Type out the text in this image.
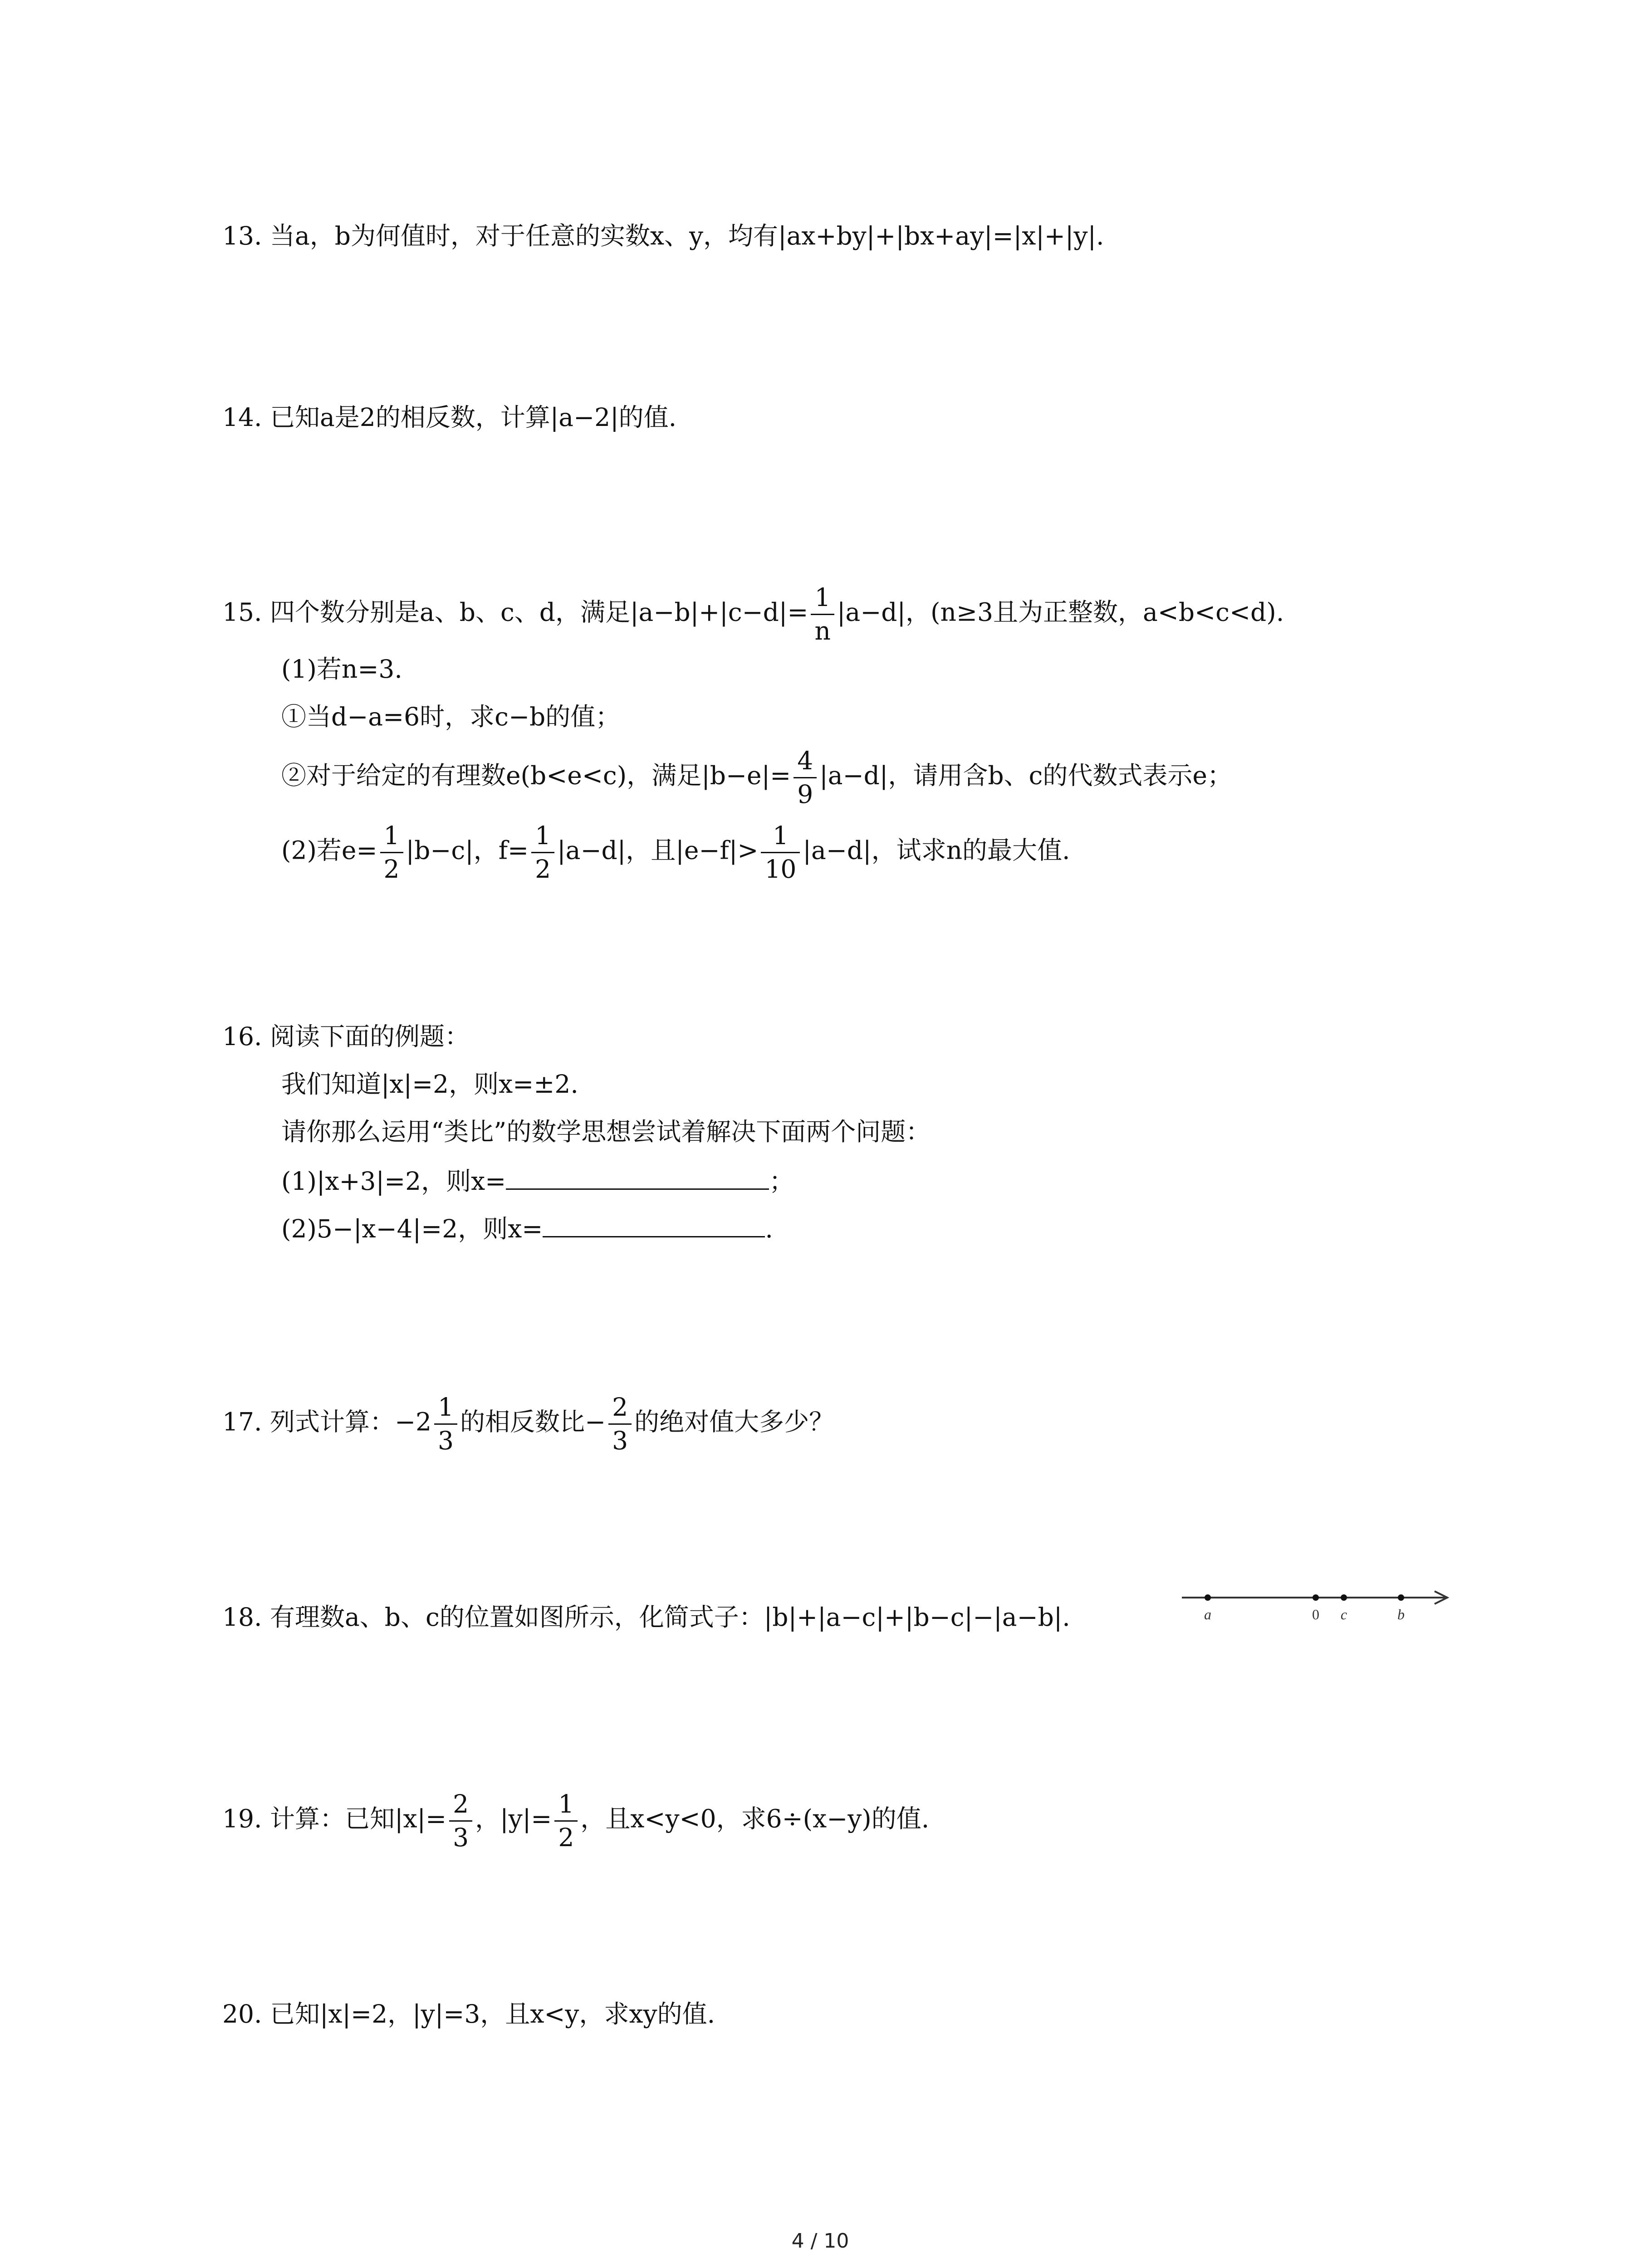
13. 当a，b为何值时，对于任意的实数x、y，均有|ax+by|+|bx+ay|=|x|+|y|.
14. 已知a是2的相反数，计算|a−2|的值.
15. 四个数分别是a、b、c、d，满足$|a-b|+|c-d|= \frac{1}{n} |a-d|$，(n≥3且为正整数，a<b<c<d).
(1)若n=3.
①当d−a=6时，求c−b的值；
②对于给定的有理数e(b<e<c)，满足$|b-e|= \frac{4}{9} |a-d|$，请用含b、c的代数式表示e；
(2)若$e= \frac{1}{2} |b-c|$，$f= \frac{1}{2} |a-d|$，且$|e-f|> \frac{1}{10} |a-d|$，试求n的最大值.
16. 阅读下面的例题：
我们知道|x|=2，则x=±2.
请你那么运用“类比”的数学思想尝试着解决下面两个问题：
(1)|x+3|=2，则x=	；
(2)5−|x−4|=2，则x=	.
17. 列式计算：$-2 \frac{1}{3}$ 的相反数比− $\frac{2}{3}$ 的绝对值大多少？
18. 有理数a、b、c的位置如图所示，化简式子：|b|+|a−c|+|b−c|−|a−b|.	a	0 c	b
19. 计算：已知$|x|= \frac{2}{3}$ ，$|y|= \frac{1}{2}$ ，且x<y<0，求6÷(x−y)的值.
20. 已知|x|=2，|y|=3，且x<y，求xy的值.
4 / 10
